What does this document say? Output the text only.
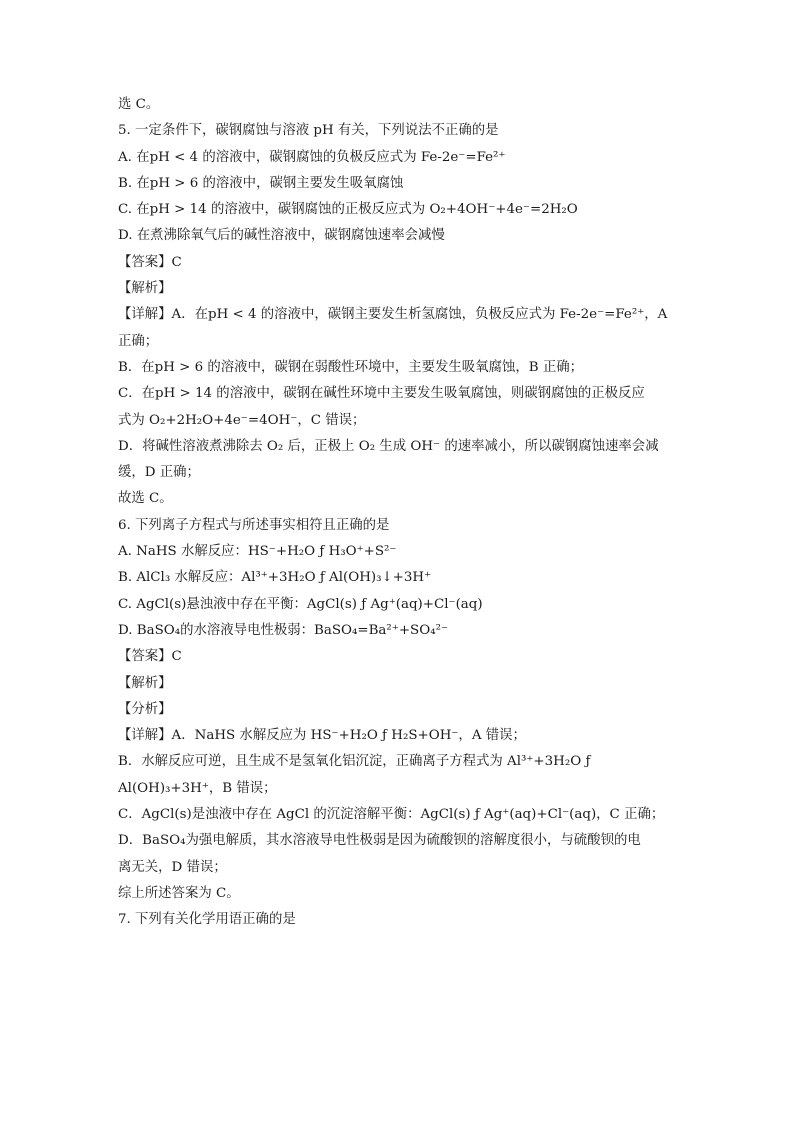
选 C。
5. 一定条件下，碳钢腐蚀与溶液 pH 有关，下列说法不正确的是
A. 在pH < 4 的溶液中，碳钢腐蚀的负极反应式为 Fe-2e⁻=Fe²⁺
B. 在pH > 6 的溶液中，碳钢主要发生吸氧腐蚀
C. 在pH > 14 的溶液中，碳钢腐蚀的正极反应式为 O₂+4OH⁻+4e⁻=2H₂O
D. 在煮沸除氧气后的碱性溶液中，碳钢腐蚀速率会减慢
【答案】C
【解析】
【详解】A．在pH < 4 的溶液中，碳钢主要发生析氢腐蚀，负极反应式为 Fe-2e⁻=Fe²⁺，A
正确；
B．在pH > 6 的溶液中，碳钢在弱酸性环境中，主要发生吸氧腐蚀，B 正确；
C．在pH > 14 的溶液中，碳钢在碱性环境中主要发生吸氧腐蚀，则碳钢腐蚀的正极反应
式为 O₂+2H₂O+4e⁻=4OH⁻，C 错误；
D．将碱性溶液煮沸除去 O₂ 后，正极上 O₂ 生成 OH⁻ 的速率减小，所以碳钢腐蚀速率会减
缓，D 正确；
故选 C。
6. 下列离子方程式与所述事实相符且正确的是
A. NaHS 水解反应：HS⁻+H₂O ƒ H₃O⁺+S²⁻
B. AlCl₃ 水解反应：Al³⁺+3H₂O ƒ Al(OH)₃↓+3H⁺
C. AgCl(s)悬浊液中存在平衡：AgCl(s) ƒ Ag⁺(aq)+Cl⁻(aq)
D. BaSO₄的水溶液导电性极弱：BaSO₄=Ba²⁺+SO₄²⁻
【答案】C
【解析】
【分析】
【详解】A．NaHS 水解反应为 HS⁻+H₂O ƒ H₂S+OH⁻，A 错误；
B．水解反应可逆，且生成不是氢氧化铝沉淀，正确离子方程式为 Al³⁺+3H₂O ƒ
Al(OH)₃+3H⁺，B 错误；
C．AgCl(s)是浊液中存在 AgCl 的沉淀溶解平衡：AgCl(s) ƒ Ag⁺(aq)+Cl⁻(aq)，C 正确；
D．BaSO₄为强电解质，其水溶液导电性极弱是因为硫酸钡的溶解度很小，与硫酸钡的电
离无关，D 错误；
综上所述答案为 C。
7. 下列有关化学用语正确的是
